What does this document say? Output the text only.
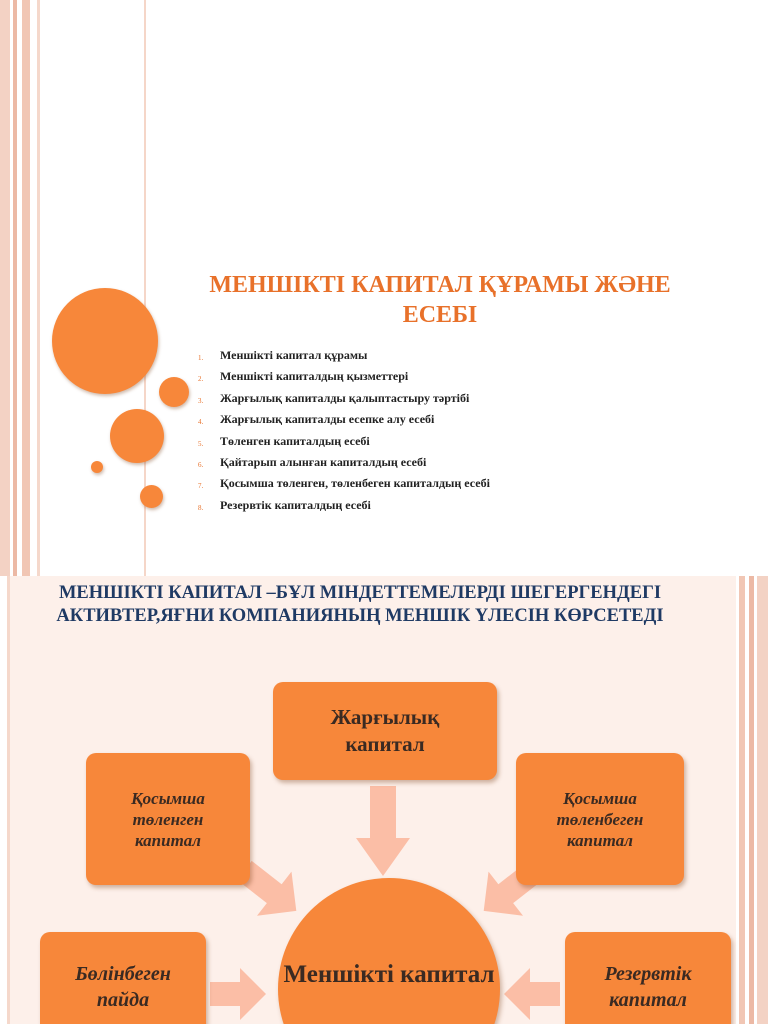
МЕНШІКТІ КАПИТАЛ ҚҰРАМЫ ЖӘНЕ ЕСЕБІ
1. Меншікті капитал құрамы
2. Меншікті капиталдың қызметтері
3. Жарғылық капиталды қалыптастыру тәртібі
4. Жарғылық капиталды есепке алу есебі
5. Төленген капиталдың есебі
6. Қайтарып алынған капиталдың есебі
7. Қосымша төленген, төленбеген капиталдың есебі
8. Резервтік капиталдың есебі
МЕНШІКТІ КАПИТАЛ –БҰЛ МІНДЕТТЕМЕЛЕРДІ ШЕГЕРГЕНДЕГІ АКТИВТЕР,ЯҒНИ КОМПАНИЯНЫҢ МЕНШІК ҮЛЕСІН КӨРСЕТЕДІ
Жарғылық капитал
Қосымша төленген капитал
Қосымша төленбеген капитал
Бөлінбеген пайда
Резервтік капитал
Меншікті капитал
